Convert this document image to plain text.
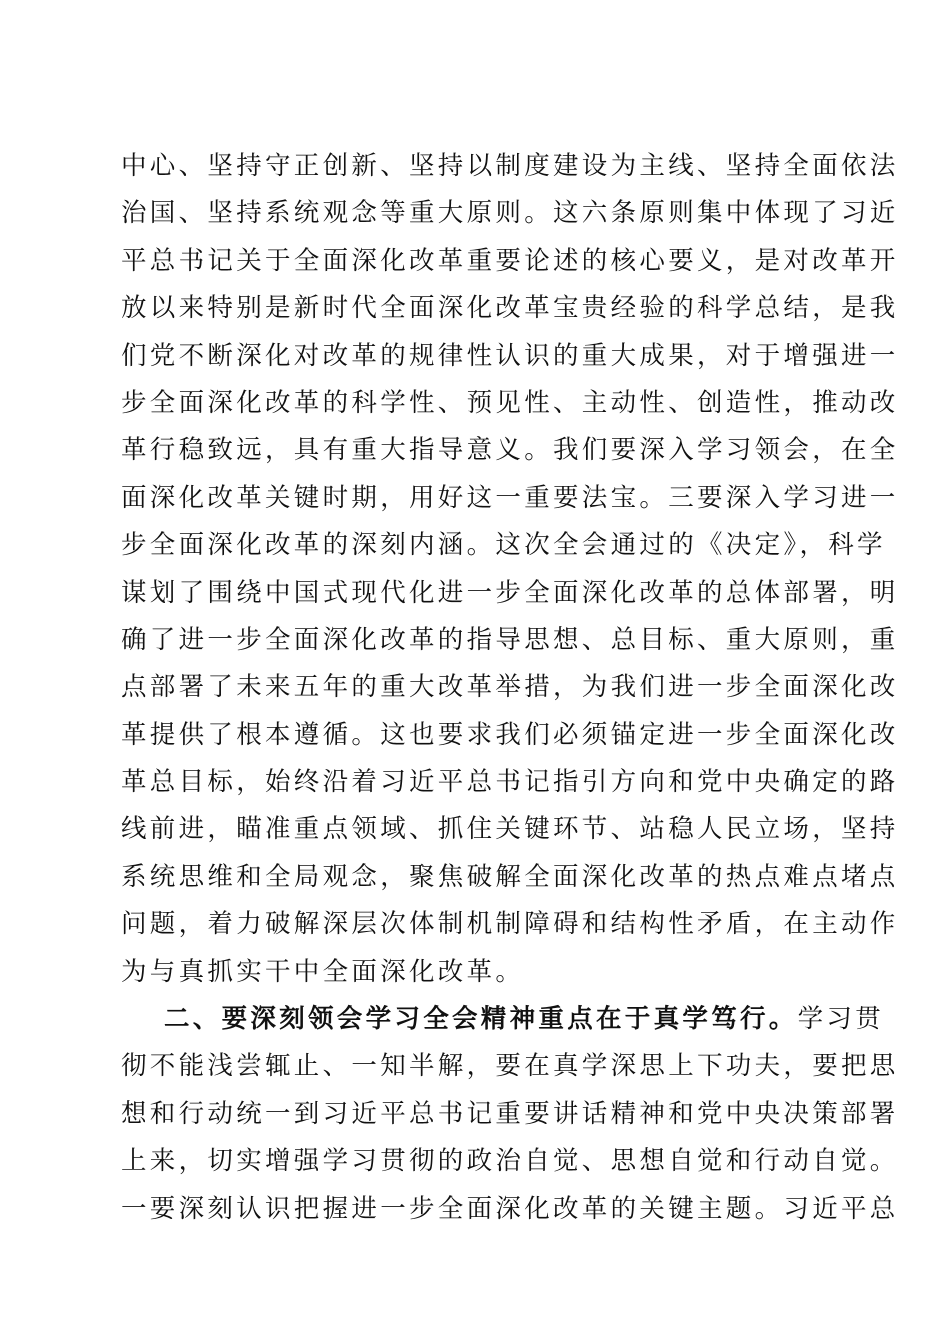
中心、坚持守正创新、坚持以制度建设为主线、坚持全面依法
治国、坚持系统观念等重大原则。这六条原则集中体现了习近
平总书记关于全面深化改革重要论述的核心要义，是对改革开
放以来特别是新时代全面深化改革宝贵经验的科学总结，是我
们党不断深化对改革的规律性认识的重大成果，对于增强进一
步全面深化改革的科学性、预见性、主动性、创造性，推动改
革行稳致远，具有重大指导意义。我们要深入学习领会，在全
面深化改革关键时期，用好这一重要法宝。三要深入学习进一
步全面深化改革的深刻内涵。这次全会通过的《决定》，科学
谋划了围绕中国式现代化进一步全面深化改革的总体部署，明
确了进一步全面深化改革的指导思想、总目标、重大原则，重
点部署了未来五年的重大改革举措，为我们进一步全面深化改
革提供了根本遵循。这也要求我们必须锚定进一步全面深化改
革总目标，始终沿着习近平总书记指引方向和党中央确定的路
线前进，瞄准重点领域、抓住关键环节、站稳人民立场，坚持
系统思维和全局观念，聚焦破解全面深化改革的热点难点堵点
问题，着力破解深层次体制机制障碍和结构性矛盾，在主动作
为与真抓实干中全面深化改革。
二、要深刻领会学习全会精神重点在于真学笃行。学习贯
彻不能浅尝辄止、一知半解，要在真学深思上下功夫，要把思
想和行动统一到习近平总书记重要讲话精神和党中央决策部署
上来，切实增强学习贯彻的政治自觉、思想自觉和行动自觉。
一要深刻认识把握进一步全面深化改革的关键主题。习近平总
